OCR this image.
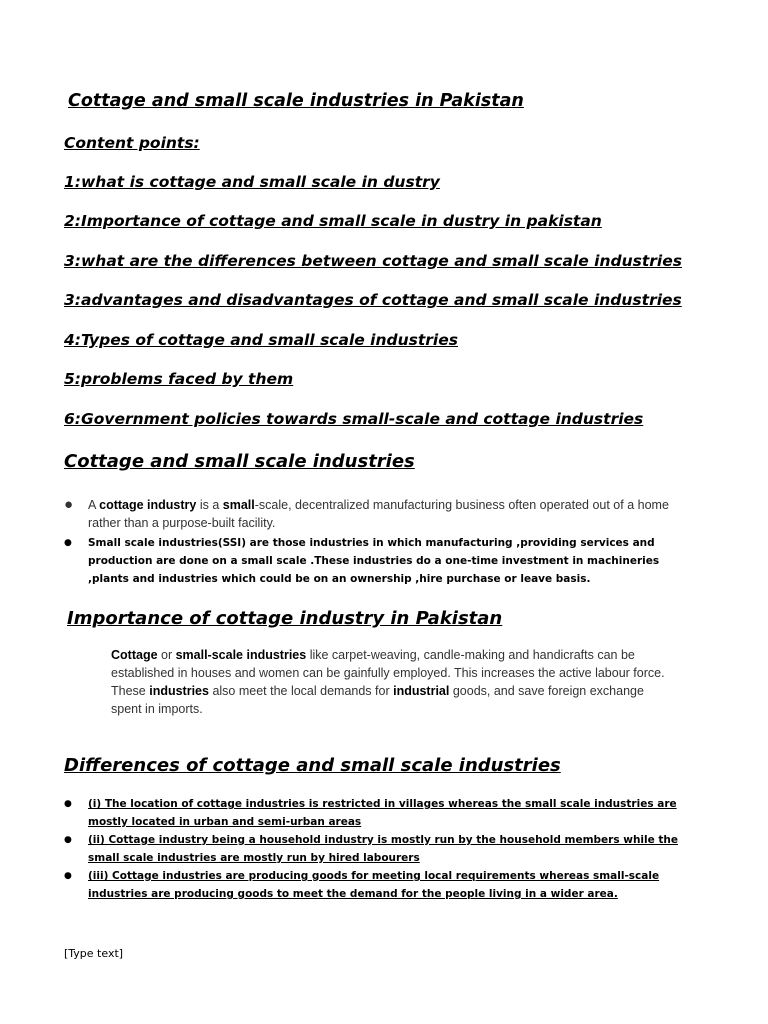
Cottage and small scale industries in Pakistan
Content points:
1:what is cottage and small scale in dustry
2:Importance of cottage and small scale in dustry in pakistan
3:what are the differences between cottage and small scale industries
3:advantages and disadvantages of cottage and small scale industries
4:Types of cottage and small scale industries
5:problems faced by them
6:Government policies towards small-scale and cottage industries
Cottage and small scale industries
● A cottage industry is a small-scale, decentralized manufacturing business often operated out of a home rather than a purpose-built facility.
● Small scale industries(SSI) are those industries in which manufacturing ,providing services and production are done on a small scale .These industries do a one-time investment in machineries ,plants and industries which could be on an ownership ,hire purchase or leave basis.
Importance of cottage industry in Pakistan
Cottage or small-scale industries like carpet-weaving, candle-making and handicrafts can be established in houses and women can be gainfully employed. This increases the active labour force. These industries also meet the local demands for industrial goods, and save foreign exchange spent in imports.
Differences of cottage and small scale industries
● (i) The location of cottage industries is restricted in villages whereas the small scale industries are mostly located in urban and semi-urban areas
● (ii) Cottage industry being a household industry is mostly run by the household members while the small scale industries are mostly run by hired labourers
● (iii) Cottage industries are producing goods for meeting local requirements whereas small-scale industries are producing goods to meet the demand for the people living in a wider area.
[Type text]
